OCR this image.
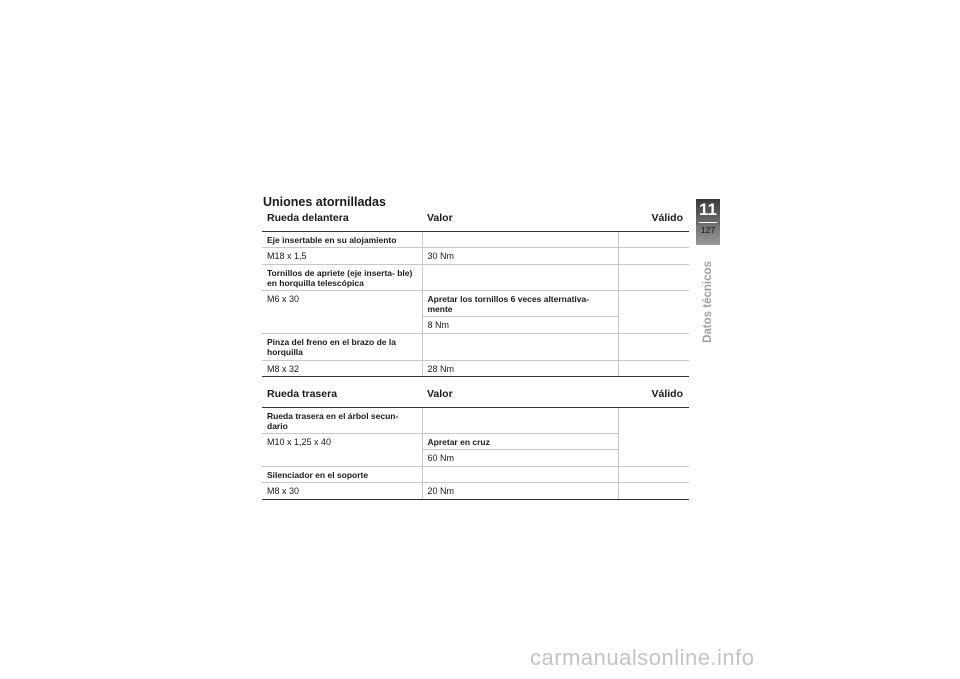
Uniones atornilladas
Rueda delantera	Valor	Válido
Eje insertable en su alojamiento		
M18 x 1,5	30 Nm	
Tornillos de apriete (eje inserta- ble) en horquilla telescópica		
M6 x 30	Apretar los tornillos 6 veces alternativa- mente	
	8 Nm	
Pinza del freno en el brazo de la horquilla		
M8 x 32	28 Nm	
Rueda trasera	Valor	Válido
Rueda trasera en el árbol secun- dario		
M10 x 1,25 x 40	Apretar en cruz	
	60 Nm	
Silenciador en el soporte		
M8 x 30	20 Nm	
11
127
Datos técnicos
carmanualsonline.info
